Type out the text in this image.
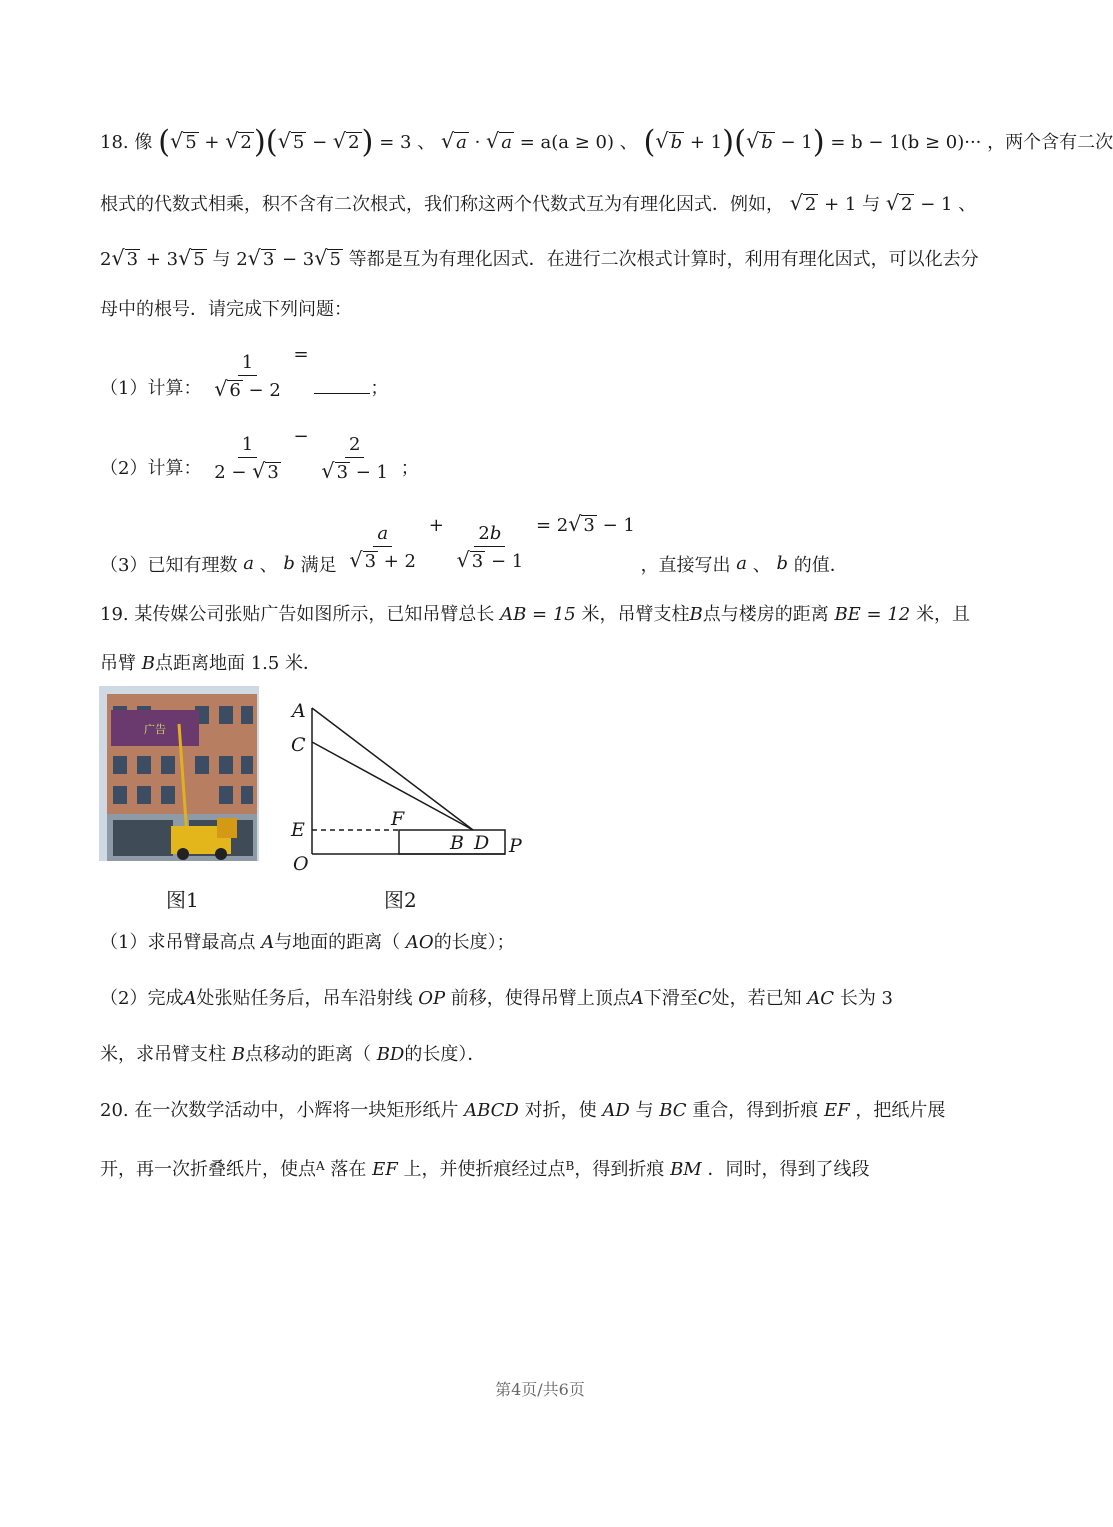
18. 像 (√ 5 + √ 2)(√ 5 − √ 2) = 3 、 √ a · √ a = a(a ≥ 0) 、 (√ b + 1)(√ b − 1) = b − 1(b ≥ 0)··· ，两个含有二次
根式的代数式相乘，积不含有二次根式，我们称这两个代数式互为有理化因式．例如， √ 2 + 1 与 √ 2 − 1 、
2√ 3 + 3√ 5 与 2√ 3 − 3√ 5 等都是互为有理化因式．在进行二次根式计算时，利用有理化因式，可以化去分
母中的根号．请完成下列问题：
（1）计算： $\frac{1}{√ 6 - 2}$ = ；
（2）计算： $\frac{1}{2 - √ 3} - \frac{2}{√ 3 - 1}$ ；
（3）已知有理数 a 、 b 满足 $\frac{a}{√ 3 + 2} + \frac{2b}{√ 3 - 1} = 2√$ 3 − 1 ，直接写出 a 、 b 的值．
19. 某传媒公司张贴广告如图所示，已知吊臂总长 AB = 15 米，吊臂支柱B点与楼房的距离 BE = 12 米，且
吊臂 B点距离地面 1.5 米．
广告
图1
A
C
E	F
B D
O
P
图2
（1）求吊臂最高点 A与地面的距离（ AO的长度）；
（2）完成A处张贴任务后，吊车沿射线 OP 前移，使得吊臂上顶点A下滑至C处，若已知 AC 长为 3
米，求吊臂支柱 B点移动的距离（ BD的长度）．
20. 在一次数学活动中，小辉将一块矩形纸片 ABCD 对折，使 AD 与 BC 重合，得到折痕 EF ，把纸片展
开，再一次折叠纸片，使点$^A$ 落在 EF 上，并使折痕经过点$^B$，得到折痕 BM ．同时，得到了线段
第4页/共6页
